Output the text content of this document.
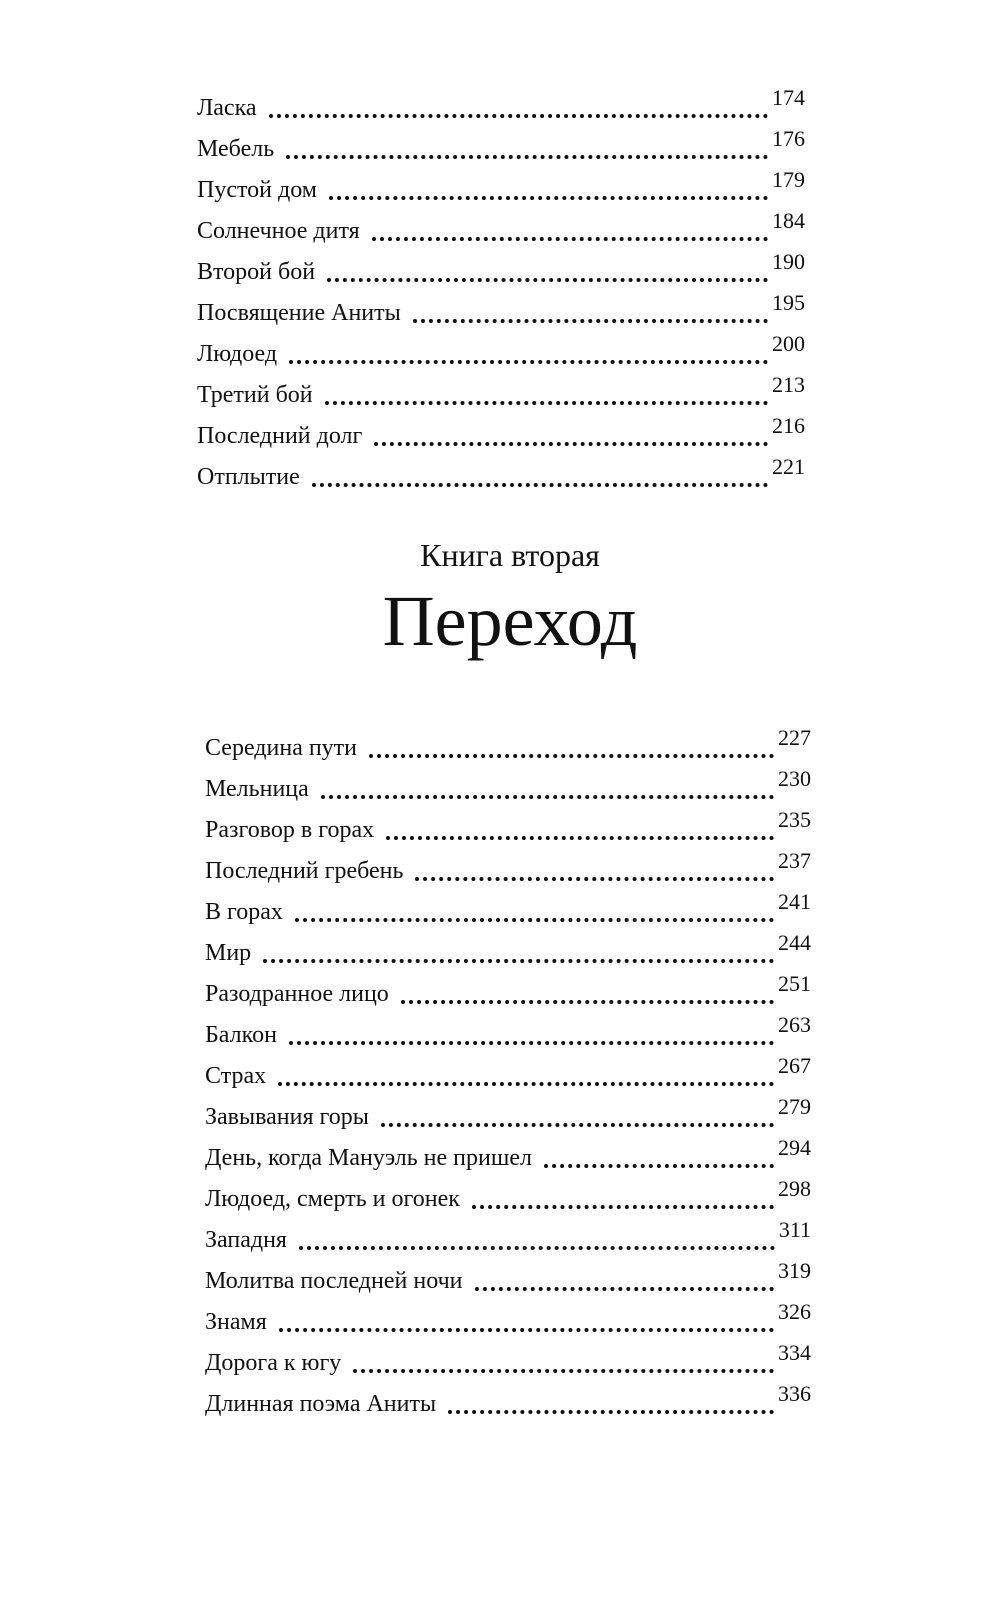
Ласка	174
Мебель	176
Пустой дом	179
Солнечное дитя	184
Второй бой	190
Посвящение Аниты	195
Людоед	200
Третий бой	213
Последний долг	216
Отплытие	221
Книга вторая
Переход
Середина пути	227
Мельница	230
Разговор в горах	235
Последний гребень	237
В горах	241
Мир	244
Разодранное лицо	251
Балкон	263
Страх	267
Завывания горы	279
День, когда Мануэль не пришел	294
Людоед, смерть и огонек	298
Западня	311
Молитва последней ночи	319
Знамя	326
Дорога к югу	334
Длинная поэма Аниты	336
